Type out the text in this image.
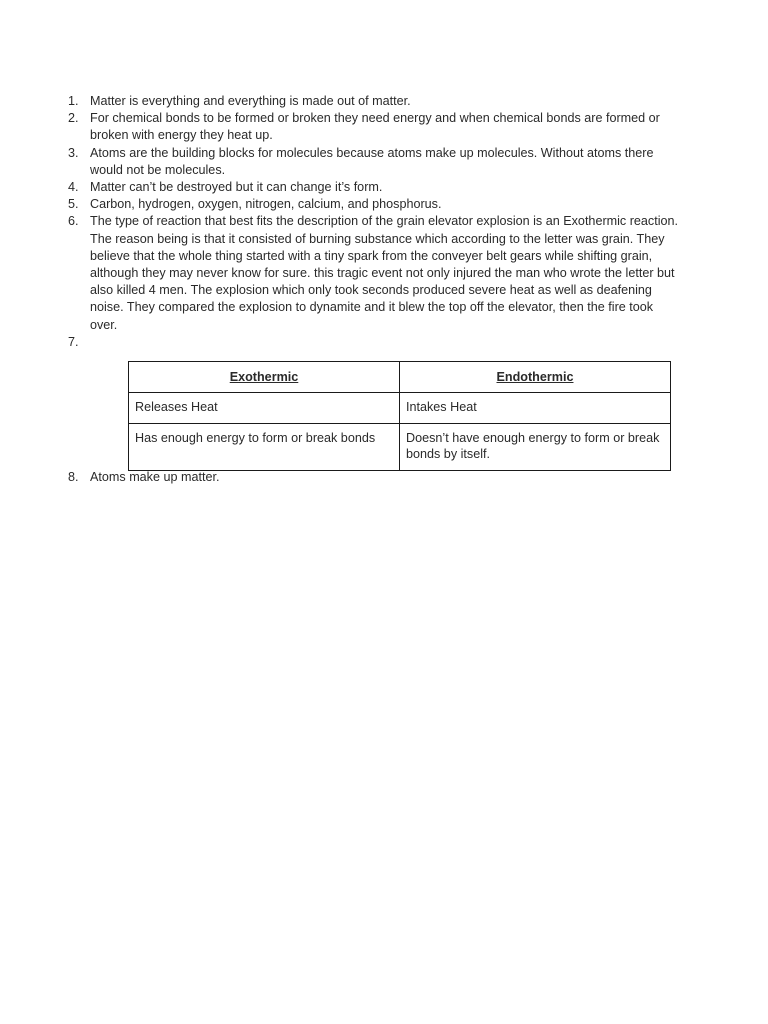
1. Matter is everything and everything is made out of matter.
2. For chemical bonds to be formed or broken they need energy and when chemical bonds are formed or broken with energy they heat up.
3. Atoms are the building blocks for molecules because atoms make up molecules. Without atoms there would not be molecules.
4. Matter can’t be destroyed but it can change it’s form.
5. Carbon, hydrogen, oxygen, nitrogen, calcium, and phosphorus.
6. The type of reaction that best fits the description of the grain elevator explosion is an Exothermic reaction. The reason being is that it consisted of burning substance which according to the letter was grain. They believe that the whole thing started with a tiny spark from the conveyer belt gears while shifting grain, although they may never know for sure. this tragic event not only injured the man who wrote the letter but also killed 4 men. The explosion which only took seconds produced severe heat as well as deafening noise. They compared the explosion to dynamite and it blew the top off the elevator, then the fire took over.
7.
Exothermic	Endothermic
Releases Heat	Intakes Heat
Has enough energy to form or break bonds	Doesn’t have enough energy to form or break bonds by itself.
8. Atoms make up matter.
